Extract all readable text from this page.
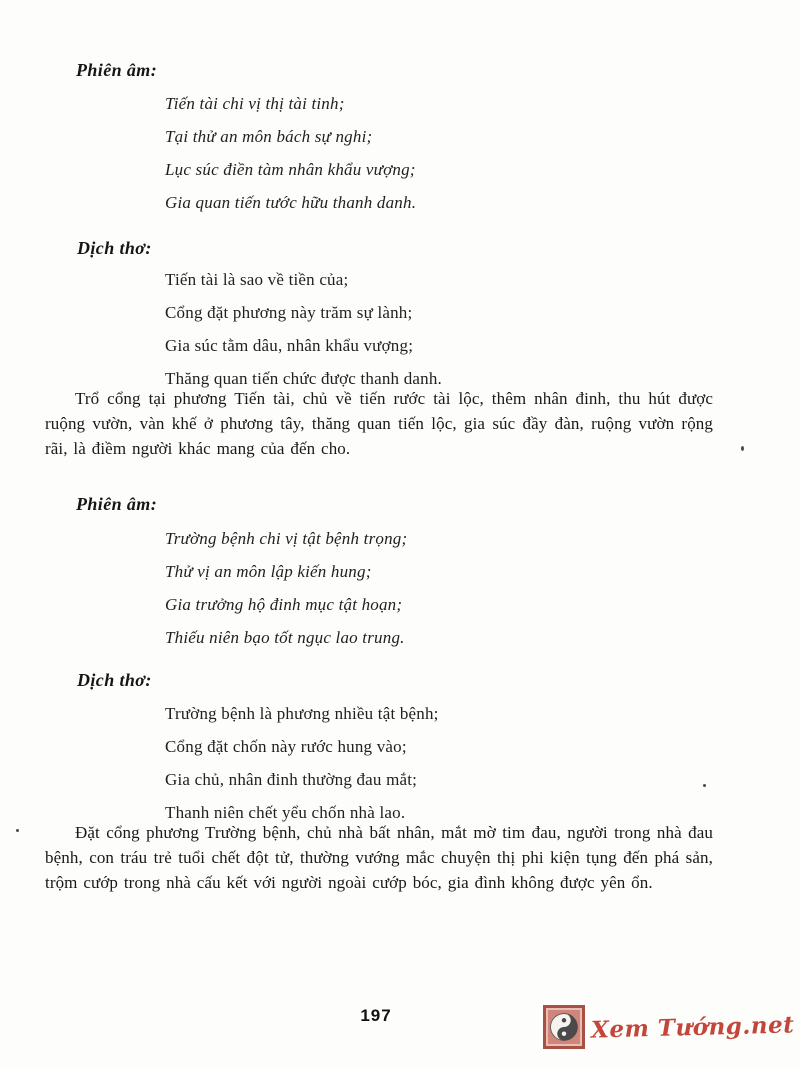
Phiên âm:

Tiến tài chi vị thị tài tinh;

Tại thử an môn bách sự nghi;

Lục súc điền tàm nhân khẩu vượng;

Gia quan tiến tước hữu thanh danh.

Dịch thơ:

Tiến tài là sao về tiền của;

Cổng đặt phương này trăm sự lành;

Gia súc tằm dâu, nhân khẩu vượng;

Thăng quan tiến chức được thanh danh.

Trổ cổng tại phương Tiến tài, chủ về tiến rước tài lộc, thêm nhân đinh, thu hút được ruộng vườn, vàn khế ở phương tây, thăng quan tiến lộc, gia súc đầy đàn, ruộng vườn rộng rãi, là điềm người khác mang của đến cho.

Phiên âm:

Trường bệnh chi vị tật bệnh trọng;

Thử vị an môn lập kiến hung;

Gia trưởng hộ đinh mục tật hoạn;

Thiếu niên bạo tốt ngục lao trung.

Dịch thơ:

Trường bệnh là phương nhiều tật bệnh;

Cổng đặt chốn này rước hung vào;

Gia chủ, nhân đinh thường đau mắt;

Thanh niên chết yểu chốn nhà lao.

Đặt cổng phương Trường bệnh, chủ nhà bất nhân, mắt mờ tim đau, người trong nhà đau bệnh, con tráu trẻ tuổi chết đột tử, thường vướng mắc chuyện thị phi kiện tụng đến phá sản, trộm cướp trong nhà cấu kết với người ngoài cướp bóc, gia đình không được yên ổn.

197	Xem Tướng.net
